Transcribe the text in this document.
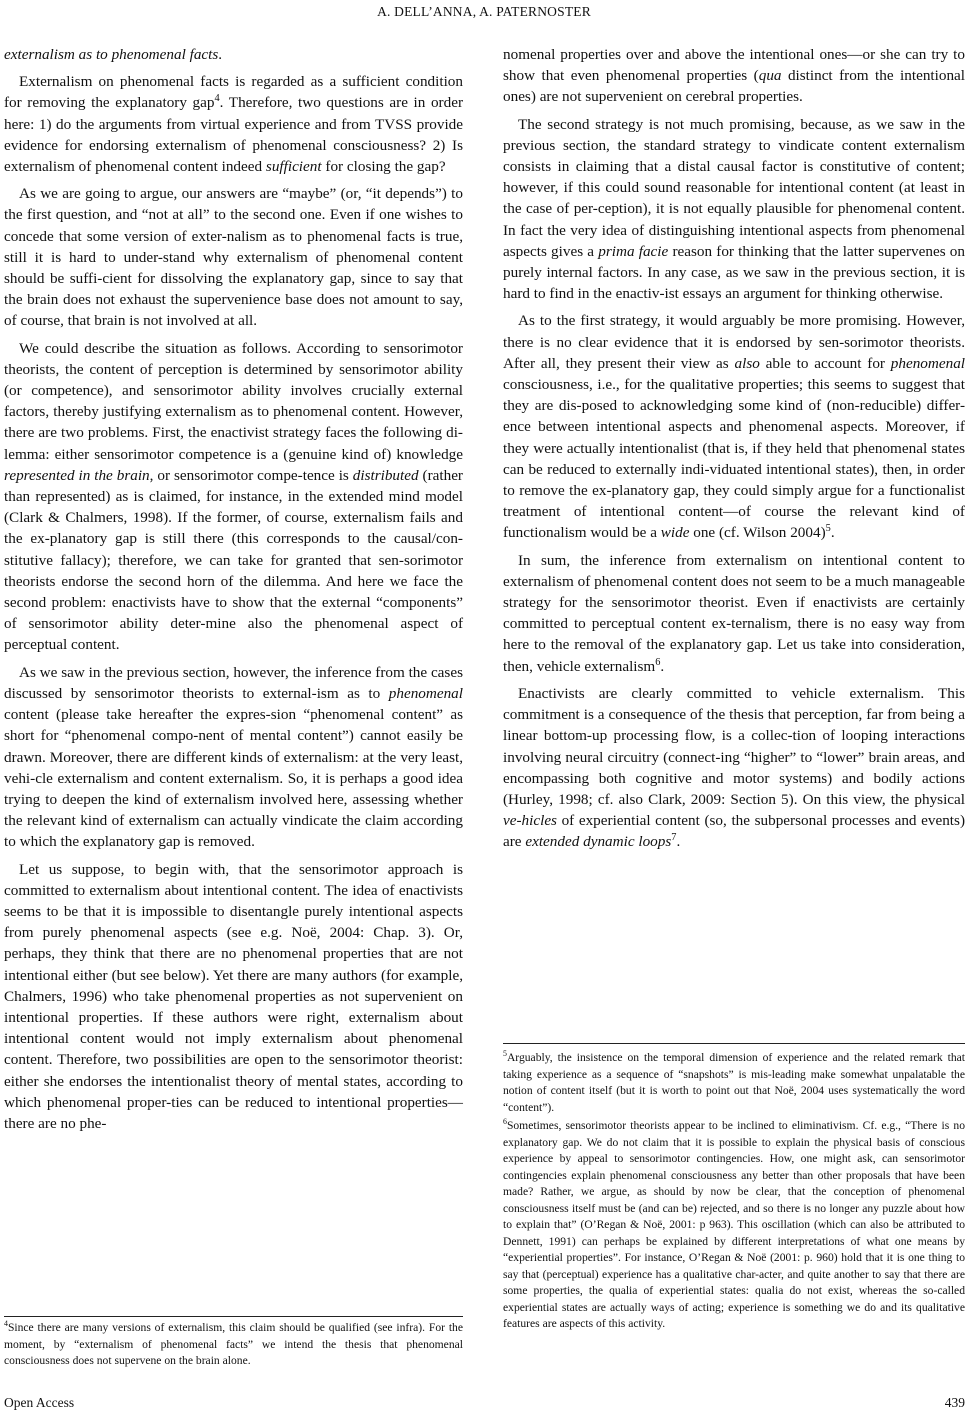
A. DELL’ANNA, A. PATERNOSTER

externalism as to phenomenal facts.

Externalism on phenomenal facts is regarded as a sufficient condition for removing the explanatory gap$^4$. Therefore, two questions are in order here: 1) do the arguments from virtual experience and from TVSS provide evidence for endorsing externalism of phenomenal consciousness? 2) Is externalism of phenomenal content indeed sufficient for closing the gap?

As we are going to argue, our answers are “maybe” (or, “it depends”) to the first question, and “not at all” to the second one. Even if one wishes to concede that some version of exter-nalism as to phenomenal facts is true, still it is hard to under-stand why externalism of phenomenal content should be suffi-cient for dissolving the explanatory gap, since to say that the brain does not exhaust the supervenience base does not amount to say, of course, that brain is not involved at all.

We could describe the situation as follows. According to sensorimotor theorists, the content of perception is determined by sensorimotor ability (or competence), and sensorimotor ability involves crucially external factors, thereby justifying externalism as to phenomenal content. However, there are two problems. First, the enactivist strategy faces the following di-lemma: either sensorimotor competence is a (genuine kind of) knowledge represented in the brain, or sensorimotor compe-tence is distributed (rather than represented) as is claimed, for instance, in the extended mind model (Clark & Chalmers, 1998). If the former, of course, externalism fails and the ex-planatory gap is still there (this corresponds to the causal/con-stitutive fallacy); therefore, we can take for granted that sen-sorimotor theorists endorse the second horn of the dilemma. And here we face the second problem: enactivists have to show that the external “components” of sensorimotor ability deter-mine also the phenomenal aspect of perceptual content.

As we saw in the previous section, however, the inference from the cases discussed by sensorimotor theorists to external-ism as to phenomenal content (please take hereafter the expres-sion “phenomenal content” as short for “phenomenal compo-nent of mental content”) cannot easily be drawn. Moreover, there are different kinds of externalism: at the very least, vehi-cle externalism and content externalism. So, it is perhaps a good idea trying to deepen the kind of externalism involved here, assessing whether the relevant kind of externalism can actually vindicate the claim according to which the explanatory gap is removed.

Let us suppose, to begin with, that the sensorimotor approach is committed to externalism about intentional content. The idea of enactivists seems to be that it is impossible to disentangle purely intentional aspects from purely phenomenal aspects (see e.g. Noë, 2004: Chap. 3). Or, perhaps, they think that there are no phenomenal properties that are not intentional either (but see below). Yet there are many authors (for example, Chalmers, 1996) who take phenomenal properties as not supervenient on intentional properties. If these authors were right, externalism about intentional content would not imply externalism about phenomenal content. Therefore, two possibilities are open to the sensorimotor theorist: either she endorses the intentionalist theory of mental states, according to which phenomenal proper-ties can be reduced to intentional properties—there are no phe-

nomenal properties over and above the intentional ones—or she can try to show that even phenomenal properties (qua distinct from the intentional ones) are not supervenient on cerebral properties.

The second strategy is not much promising, because, as we saw in the previous section, the standard strategy to vindicate content externalism consists in claiming that a distal causal factor is constitutive of content; however, if this could sound reasonable for intentional content (at least in the case of per-ception), it is not equally plausible for phenomenal content. In fact the very idea of distinguishing intentional aspects from phenomenal aspects gives a prima facie reason for thinking that the latter supervenes on purely internal factors. In any case, as we saw in the previous section, it is hard to find in the enactiv-ist essays an argument for thinking otherwise.

As to the first strategy, it would arguably be more promising. However, there is no clear evidence that it is endorsed by sen-sorimotor theorists. After all, they present their view as also able to account for phenomenal consciousness, i.e., for the qualitative properties; this seems to suggest that they are dis-posed to acknowledging some kind of (non-reducible) differ-ence between intentional aspects and phenomenal aspects. Moreover, if they were actually intentionalist (that is, if they held that phenomenal states can be reduced to externally indi-viduated intentional states), then, in order to remove the ex-planatory gap, they could simply argue for a functionalist treatment of intentional content—of course the relevant kind of functionalism would be a wide one (cf. Wilson 2004)$^5$.

In sum, the inference from externalism on intentional content to externalism of phenomenal content does not seem to be a much manageable strategy for the sensorimotor theorist. Even if enactivists are certainly committed to perceptual content ex-ternalism, there is no easy way from here to the removal of the explanatory gap. Let us take into consideration, then, vehicle externalism$^6$.

Enactivists are clearly committed to vehicle externalism. This commitment is a consequence of the thesis that perception, far from being a linear bottom-up processing flow, is a collec-tion of looping interactions involving neural circuitry (connect-ing “higher” to “lower” brain areas, and encompassing both cognitive and motor systems) and bodily actions (Hurley, 1998; cf. also Clark, 2009: Section 5). On this view, the physical ve-hicles of experiential content (so, the subpersonal processes and events) are extended dynamic loops$^7$.

$^4$Since there are many versions of externalism, this claim should be qualified (see infra). For the moment, by “externalism of phenomenal facts” we intend the thesis that phenomenal consciousness does not supervene on the brain alone.

$^5$Arguably, the insistence on the temporal dimension of experience and the related remark that taking experience as a sequence of “snapshots” is mis-leading make somewhat unpalatable the notion of content itself (but it is worth to point out that Noë, 2004 uses systematically the word “content”).

$^6$Sometimes, sensorimotor theorists appear to be inclined to eliminativism. Cf. e.g., “There is no explanatory gap. We do not claim that it is possible to explain the physical basis of conscious experience by appeal to sensorimotor contingencies. How, one might ask, can sensorimotor contingencies explain phenomenal consciousness any better than other proposals that have been made? Rather, we argue, as should by now be clear, that the conception of phenomenal consciousness itself must be (and can be) rejected, and so there is no longer any puzzle about how to explain that” (O’Regan & Noë, 2001: p 963). This oscillation (which can also be attributed to Dennett, 1991) can perhaps be explained by different interpretations of what one means by “experiential properties”. For instance, O’Regan & Noë (2001: p. 960) hold that it is one thing to say that (perceptual) experience has a qualitative char-acter, and quite another to say that there are some properties, the qualia of experiential states: qualia do not exist, whereas the so-called experiential states are actually ways of acting; experience is something we do and its qualitative features are aspects of this activity.

Open Access	439
